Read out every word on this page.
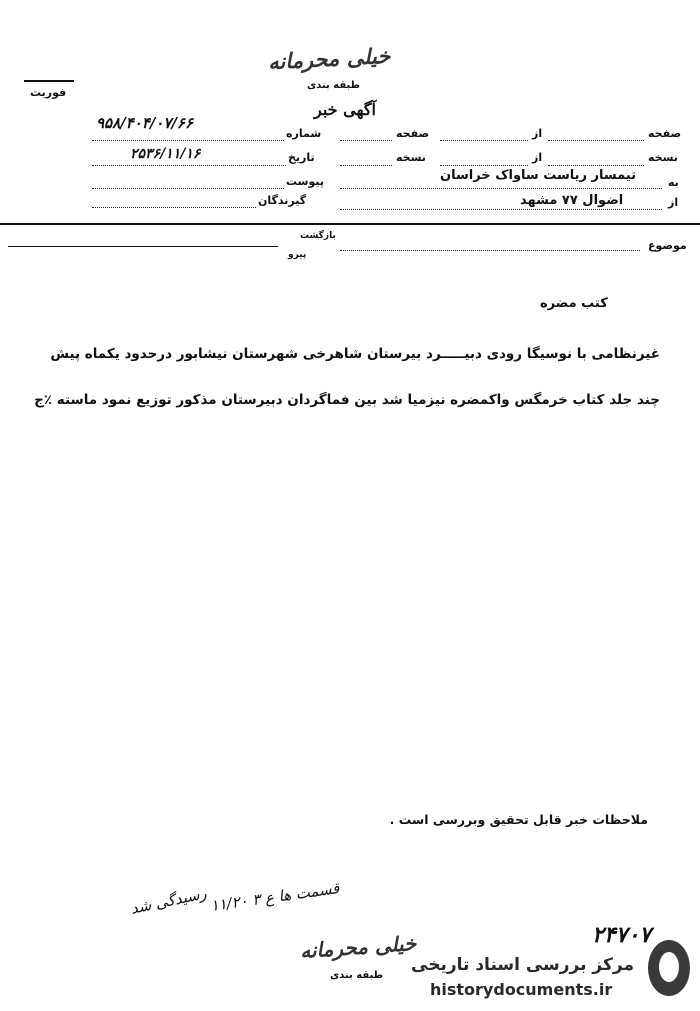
خیلی محرمانه
طبقه بندی
فوریت
آگهی خبر
شماره
۹۵۸/۴۰۴/۰۷/۶۶
تاریخ
۲۵۳۶/۱۱/۱۶
پیوست
گیرندگان
صفحه
از
صفحه
نسخه
از
نسخه
به
تیمسار ریاست ساواک خراسان
از
اضوال ۷۷ مشهد
بازگشت
پیرو
موضوع
کتب مضره
غیرنظامی با نوسیگا رودی دبیـــــرد بیرستان شاهرخی شهرستان نیشابور درحدود یکماه پیش
چند جلد کتاب خرمگس واکمضره نیزمیا شد بین فماگردان دبیرستان مذکور توزیع نمود ماسته ٪ج
ملاحظات خبر قابل تحقیق وبررسی است .
رسیدگی شد قسمت ها ع ۳ ۱۱/۲۰
خیلی محرمانه
طبقه بندی
۲۴۷۰۷
مرکز بررسی اسناد تاریخی
historydocuments.ir
